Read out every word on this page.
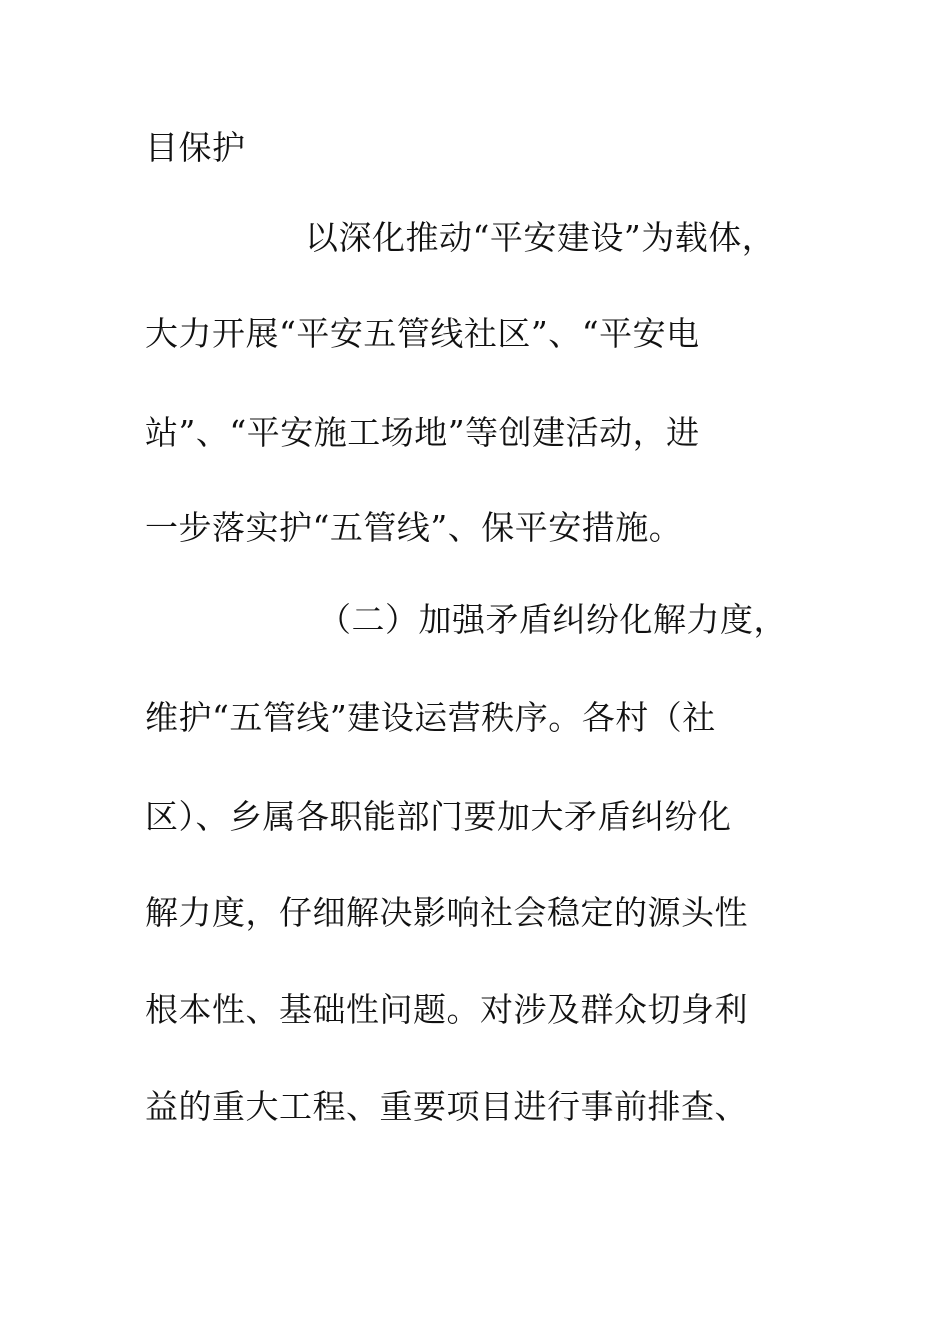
目保护
以深化推动“平安建设”为载体，
大力开展“平安五管线社区”、“平安电
站”、“平安施工场地”等创建活动，进
一步落实护“五管线”、保平安措施。
（二）加强矛盾纠纷化解力度，
维护“五管线”建设运营秩序。各村（社
区）、乡属各职能部门要加大矛盾纠纷化
解力度，仔细解决影响社会稳定的源头性
根本性、基础性问题。对涉及群众切身利
益的重大工程、重要项目进行事前排查、
